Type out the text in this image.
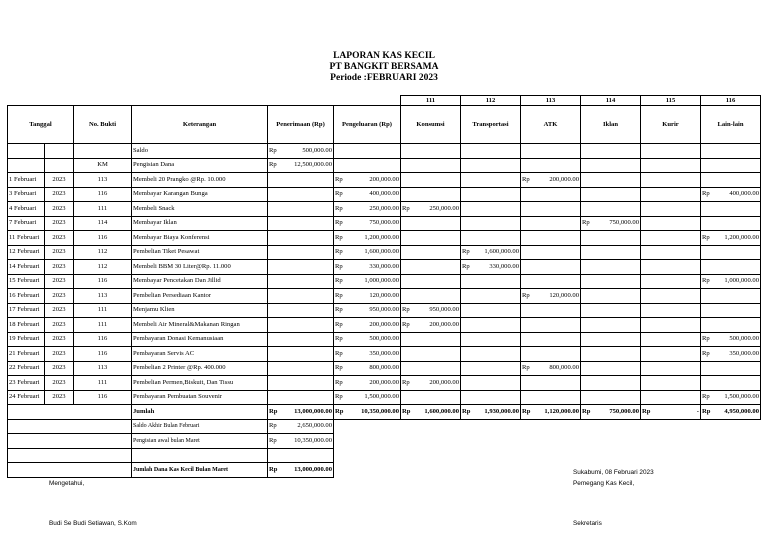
LAPORAN KAS KECIL
PT BANGKIT BERSAMA
Periode :FEBRUARI 2023
						111	112	113	114	115	116
Tanggal		No. Bukti	Keterangan	Penerimaan (Rp)	Pengeluaran (Rp)	Konsumsi	Transportasi	ATK	Iklan	Kurir	Lain-lain
			Saldo	Rp 500,000.00							

		KM	Pengisian Dana	Rp 12,500,000.00							

1 Februari	2023	113	Membeli 20 Prangko @Rp. 10.000		Rp 200,000.00			Rp 200,000.00			

3 Februari	2023	116	Membayar Karangan Bunga		Rp 400,000.00						Rp 400,000.00

4 Februari	2023	111	Membeli Snack		Rp 250,000.00	Rp 250,000.00					

7 Februari	2023	114	Membayar Iklan		Rp 750,000.00				Rp 750,000.00		

11 Februari	2023	116	Membayar Biaya Konferensi		Rp 1,200,000.00						Rp 1,200,000.00

12 Februari	2023	112	Pembelian Tiket Pesawat		Rp 1,600,000.00		Rp 1,600,000.00				

14 Februari	2023	112	Membeli BBM 30 Liter@Rp. 11.000		Rp 330,000.00		Rp 330,000.00				

15 Februari	2023	116	Membayar Pencetakan Dan Jillid		Rp 1,000,000.00						Rp 1,000,000.00

16 Februari	2023	113	Pembelian Persediaan Kantor		Rp 120,000.00			Rp 120,000.00			

17 Februari	2023	111	Menjamu Klien		Rp 950,000.00	Rp 950,000.00					

18 Februari	2023	111	Membeli Air Mineral&Makanan Ringan		Rp 200,000.00	Rp 200,000.00					

19 Februari	2023	116	Pembayaran Donasi Kemanusiaan		Rp 500,000.00						Rp 500,000.00

21 Februari	2023	116	Pembayaran Servis AC		Rp 350,000.00						Rp 350,000.00

22 Februari	2023	113	Pembelian 2 Printer @Rp. 400.000		Rp 800,000.00			Rp 800,000.00			

23 Februari	2023	111	Pembelian Permen,Biskuit, Dan Tissu		Rp 200,000.00	Rp 200,000.00					

24 Februari	2023	116	Pembayaran Pembuatan Souvenir		Rp 1,500,000.00						Rp 1,500,000.00

			Jumlah	Rp 13,000,000.00	Rp 10,350,000.00	Rp 1,600,000.00	Rp 1,930,000.00	Rp 1,120,000.00	Rp 750,000.00	Rp -	Rp 4,950,000.00

			Saldo Akhir Bulan Februari	Rp 2,650,000.00							

			Pengisian awal bulan Maret	Rp 10,350,000.00							

			Jumlah Dana Kas Kecil Bulan Maret	Rp 13,000,000.00							
		Sukabumi, 08 Februari 2023
Pemegang Kas Kecil,
Mengetahui,
Budi Se Budi Setiawan, S.Kom	Sekretaris
